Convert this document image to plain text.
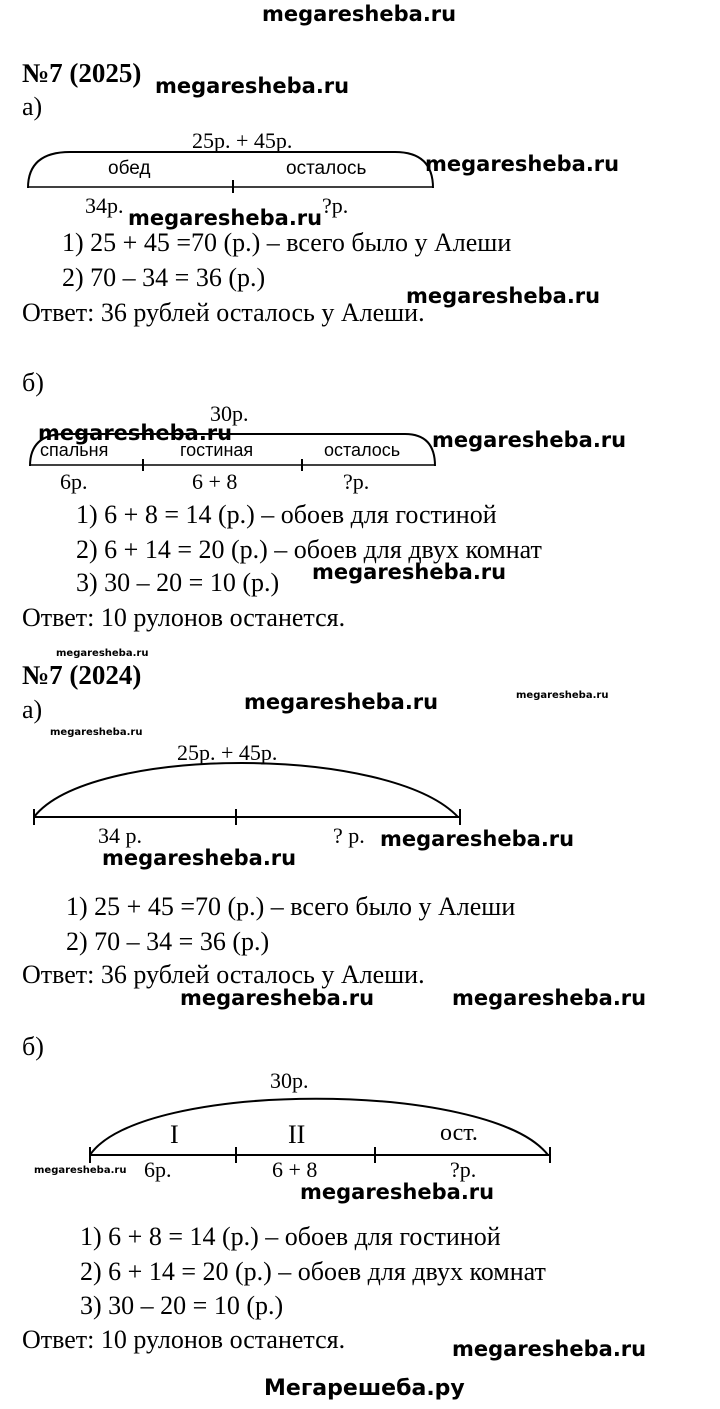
megaresheba.ru
№7 (2025) megaresheba.ru
а)
25р. + 45р.
обед	осталось	megaresheba.ru
34р.	?р.
megaresheba.ru
1) 25 + 45 =70 (р.) – всего было у Алеши
2) 70 – 34 = 36 (р.)
megaresheba.ru
Ответ: 36 рублей осталось у Алеши.
б)
30р.
megaresheba.ru
спальня	гостиная	осталось megaresheba.ru
6р.	6 + 8	?р.
1) 6 + 8 = 14 (р.) – обоев для гостиной
2) 6 + 14 = 20 (р.) – обоев для двух комнат
3) 30 – 20 = 10 (р.) megaresheba.ru
Ответ: 10 рулонов останется.
megaresheba.ru
№7 (2024)
megaresheba.ru
megaresheba.ru
а)
megaresheba.ru
25р. + 45р.
34 р.	? р. megaresheba.ru
megaresheba.ru
1) 25 + 45 =70 (р.) – всего было у Алеши
2) 70 – 34 = 36 (р.)
Ответ: 36 рублей осталось у Алеши.
megaresheba.ru	megaresheba.ru
б)
30р.
I	II	ост.
megaresheba.ru 6р.	6 + 8	?р.
megaresheba.ru
1) 6 + 8 = 14 (р.) – обоев для гостиной
2) 6 + 14 = 20 (р.) – обоев для двух комнат
3) 30 – 20 = 10 (р.)
Ответ: 10 рулонов останется.	megaresheba.ru
Мегарешеба.ру
